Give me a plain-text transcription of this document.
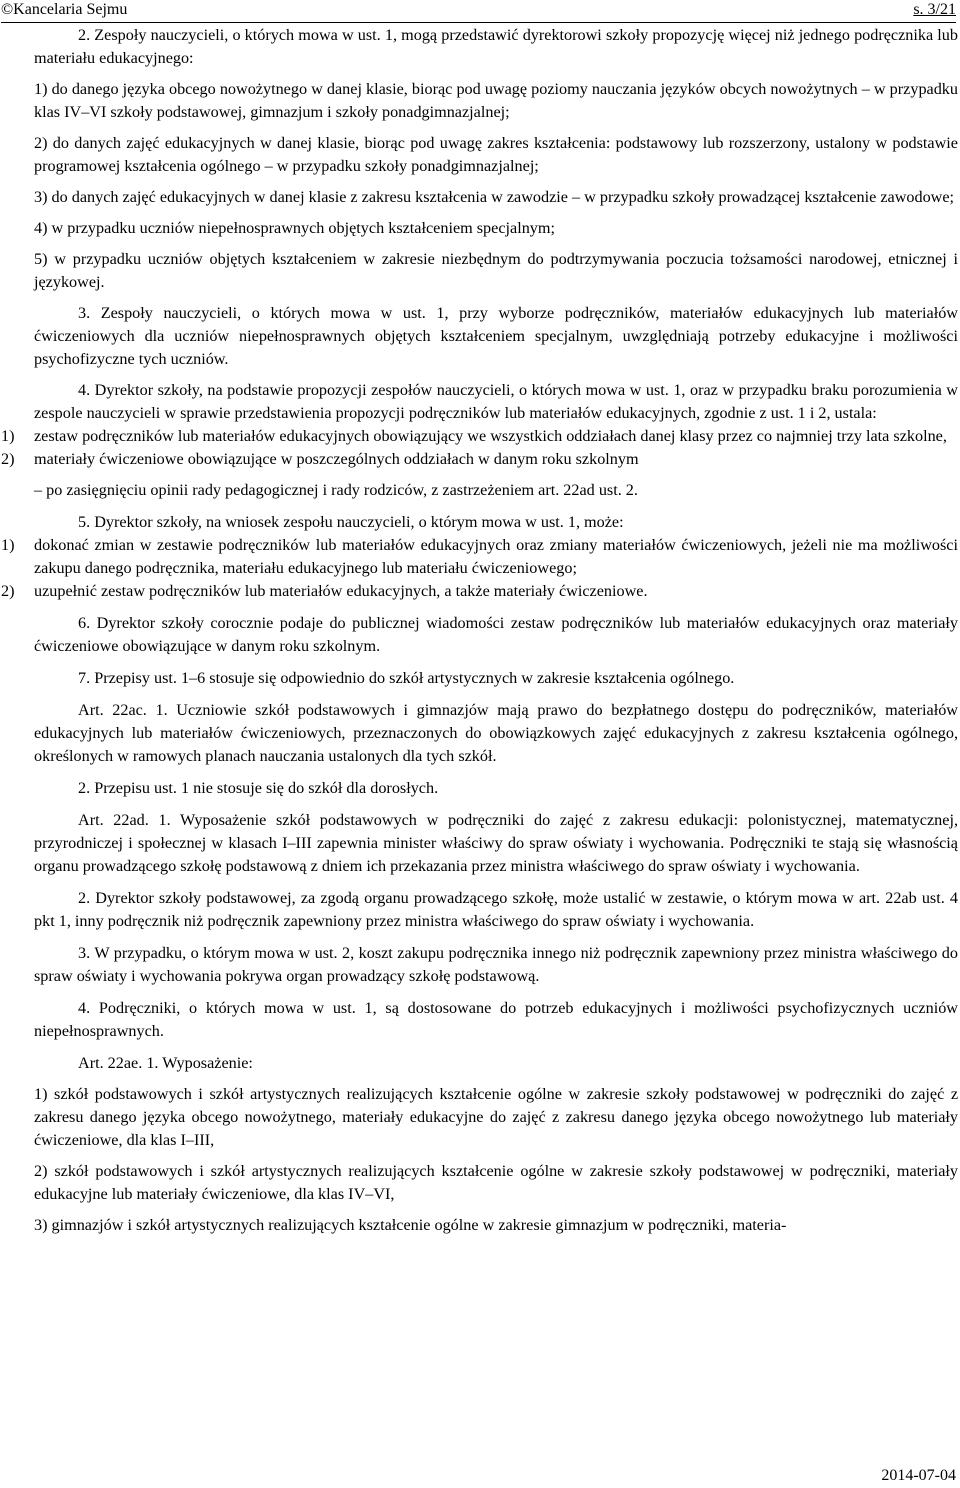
©Kancelaria Sejmu	s. 3/21

2. Zespoły nauczycieli, o których mowa w ust. 1, mogą przedstawić dyrektorowi szkoły propozycję więcej niż jednego podręcznika lub materiału edukacyjnego:

1) do danego języka obcego nowożytnego w danej klasie, biorąc pod uwagę poziomy nauczania języków obcych nowożytnych – w przypadku klas IV–VI szkoły podstawowej, gimnazjum i szkoły ponadgimnazjalnej;

2) do danych zajęć edukacyjnych w danej klasie, biorąc pod uwagę zakres kształcenia: podstawowy lub rozszerzony, ustalony w podstawie programowej kształcenia ogólnego – w przypadku szkoły ponadgimnazjalnej;

3) do danych zajęć edukacyjnych w danej klasie z zakresu kształcenia w zawodzie – w przypadku szkoły prowadzącej kształcenie zawodowe;

4) w przypadku uczniów niepełnosprawnych objętych kształceniem specjalnym;

5) w przypadku uczniów objętych kształceniem w zakresie niezbędnym do podtrzymywania poczucia tożsamości narodowej, etnicznej i językowej.

3. Zespoły nauczycieli, o których mowa w ust. 1, przy wyborze podręczników, materiałów edukacyjnych lub materiałów ćwiczeniowych dla uczniów niepełnosprawnych objętych kształceniem specjalnym, uwzględniają potrzeby edukacyjne i możliwości psychofizyczne tych uczniów.

4. Dyrektor szkoły, na podstawie propozycji zespołów nauczycieli, o których mowa w ust. 1, oraz w przypadku braku porozumienia w zespole nauczycieli w sprawie przedstawienia propozycji podręczników lub materiałów edukacyjnych, zgodnie z ust. 1 i 2, ustala:

1) zestaw podręczników lub materiałów edukacyjnych obowiązujący we wszystkich oddziałach danej klasy przez co najmniej trzy lata szkolne,

2) materiały ćwiczeniowe obowiązujące w poszczególnych oddziałach w danym roku szkolnym

– po zasięgnięciu opinii rady pedagogicznej i rady rodziców, z zastrzeżeniem art. 22ad ust. 2.

5. Dyrektor szkoły, na wniosek zespołu nauczycieli, o którym mowa w ust. 1, może:

1) dokonać zmian w zestawie podręczników lub materiałów edukacyjnych oraz zmiany materiałów ćwiczeniowych, jeżeli nie ma możliwości zakupu danego podręcznika, materiału edukacyjnego lub materiału ćwiczeniowego;

2) uzupełnić zestaw podręczników lub materiałów edukacyjnych, a także materiały ćwiczeniowe.

6. Dyrektor szkoły corocznie podaje do publicznej wiadomości zestaw podręczników lub materiałów edukacyjnych oraz materiały ćwiczeniowe obowiązujące w danym roku szkolnym.

7. Przepisy ust. 1–6 stosuje się odpowiednio do szkół artystycznych w zakresie kształcenia ogólnego.

Art. 22ac. 1. Uczniowie szkół podstawowych i gimnazjów mają prawo do bezpłatnego dostępu do podręczników, materiałów edukacyjnych lub materiałów ćwiczeniowych, przeznaczonych do obowiązkowych zajęć edukacyjnych z zakresu kształcenia ogólnego, określonych w ramowych planach nauczania ustalonych dla tych szkół.

2. Przepisu ust. 1 nie stosuje się do szkół dla dorosłych.

Art. 22ad. 1. Wyposażenie szkół podstawowych w podręczniki do zajęć z zakresu edukacji: polonistycznej, matematycznej, przyrodniczej i społecznej w klasach I–III zapewnia minister właściwy do spraw oświaty i wychowania. Podręczniki te stają się własnością organu prowadzącego szkołę podstawową z dniem ich przekazania przez ministra właściwego do spraw oświaty i wychowania.

2. Dyrektor szkoły podstawowej, za zgodą organu prowadzącego szkołę, może ustalić w zestawie, o którym mowa w art. 22ab ust. 4 pkt 1, inny podręcznik niż podręcznik zapewniony przez ministra właściwego do spraw oświaty i wychowania.

3. W przypadku, o którym mowa w ust. 2, koszt zakupu podręcznika innego niż podręcznik zapewniony przez ministra właściwego do spraw oświaty i wychowania pokrywa organ prowadzący szkołę podstawową.

4. Podręczniki, o których mowa w ust. 1, są dostosowane do potrzeb edukacyjnych i możliwości psychofizycznych uczniów niepełnosprawnych.

Art. 22ae. 1. Wyposażenie:

1) szkół podstawowych i szkół artystycznych realizujących kształcenie ogólne w zakresie szkoły podstawowej w podręczniki do zajęć z zakresu danego języka obcego nowożytnego, materiały edukacyjne do zajęć z zakresu danego języka obcego nowożytnego lub materiały ćwiczeniowe, dla klas I–III,

2) szkół podstawowych i szkół artystycznych realizujących kształcenie ogólne w zakresie szkoły podstawowej w podręczniki, materiały edukacyjne lub materiały ćwiczeniowe, dla klas IV–VI,

3) gimnazjów i szkół artystycznych realizujących kształcenie ogólne w zakresie gimnazjum w podręczniki, materia-

2014-07-04
